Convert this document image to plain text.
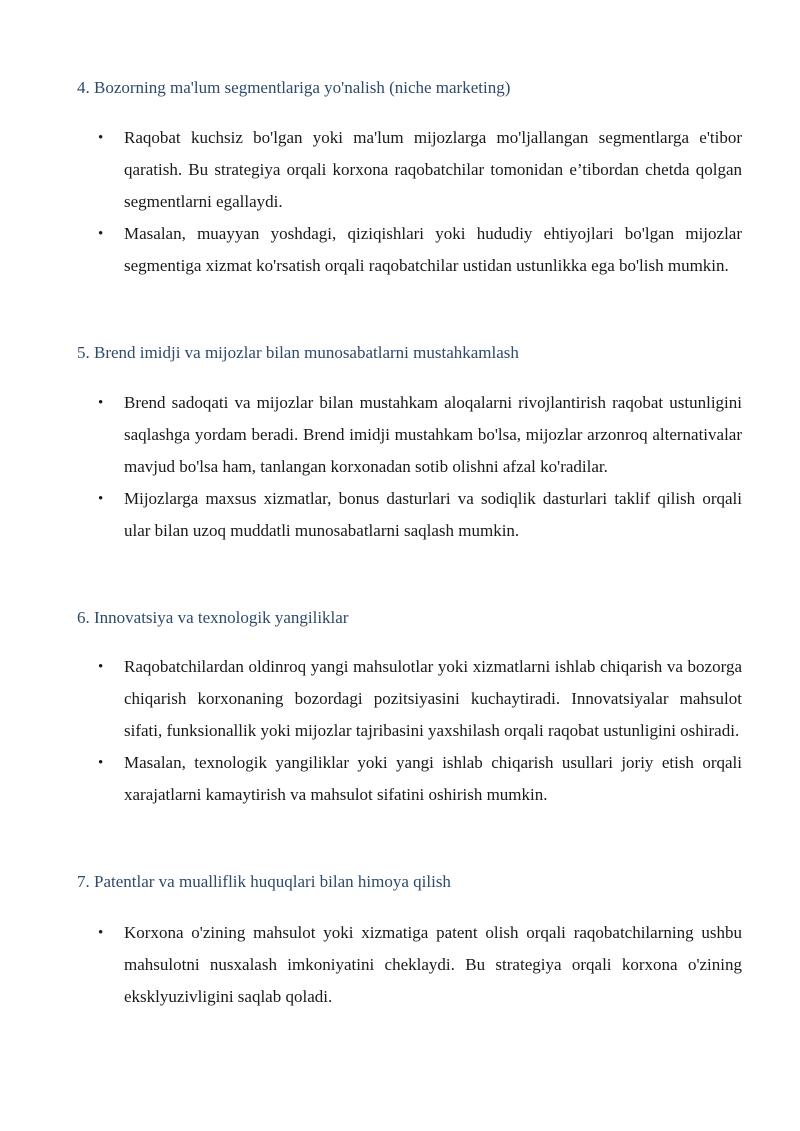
4. Bozorning ma'lum segmentlariga yo'nalish (niche marketing)
• Raqobat kuchsiz bo'lgan yoki ma'lum mijozlarga mo'ljallangan segmentlarga e'tibor qaratish. Bu strategiya orqali korxona raqobatchilar tomonidan e’tibordan chetda qolgan segmentlarni egallaydi.
• Masalan, muayyan yoshdagi, qiziqishlari yoki hududiy ehtiyojlari bo'lgan mijozlar segmentiga xizmat ko'rsatish orqali raqobatchilar ustidan ustunlikka ega bo'lish mumkin.
5. Brend imidji va mijozlar bilan munosabatlarni mustahkamlash
• Brend sadoqati va mijozlar bilan mustahkam aloqalarni rivojlantirish raqobat ustunligini saqlashga yordam beradi. Brend imidji mustahkam bo'lsa, mijozlar arzonroq alternativalar mavjud bo'lsa ham, tanlangan korxonadan sotib olishni afzal ko'radilar.
• Mijozlarga maxsus xizmatlar, bonus dasturlari va sodiqlik dasturlari taklif qilish orqali ular bilan uzoq muddatli munosabatlarni saqlash mumkin.
6. Innovatsiya va texnologik yangiliklar
• Raqobatchilardan oldinroq yangi mahsulotlar yoki xizmatlarni ishlab chiqarish va bozorga chiqarish korxonaning bozordagi pozitsiyasini kuchaytiradi. Innovatsiyalar mahsulot sifati, funksionallik yoki mijozlar tajribasini yaxshilash orqali raqobat ustunligini oshiradi.
• Masalan, texnologik yangiliklar yoki yangi ishlab chiqarish usullari joriy etish orqali xarajatlarni kamaytirish va mahsulot sifatini oshirish mumkin.
7. Patentlar va mualliflik huquqlari bilan himoya qilish
• Korxona o'zining mahsulot yoki xizmatiga patent olish orqali raqobatchilarning ushbu mahsulotni nusxalash imkoniyatini cheklaydi. Bu strategiya orqali korxona o'zining eksklyuzivligini saqlab qoladi.
